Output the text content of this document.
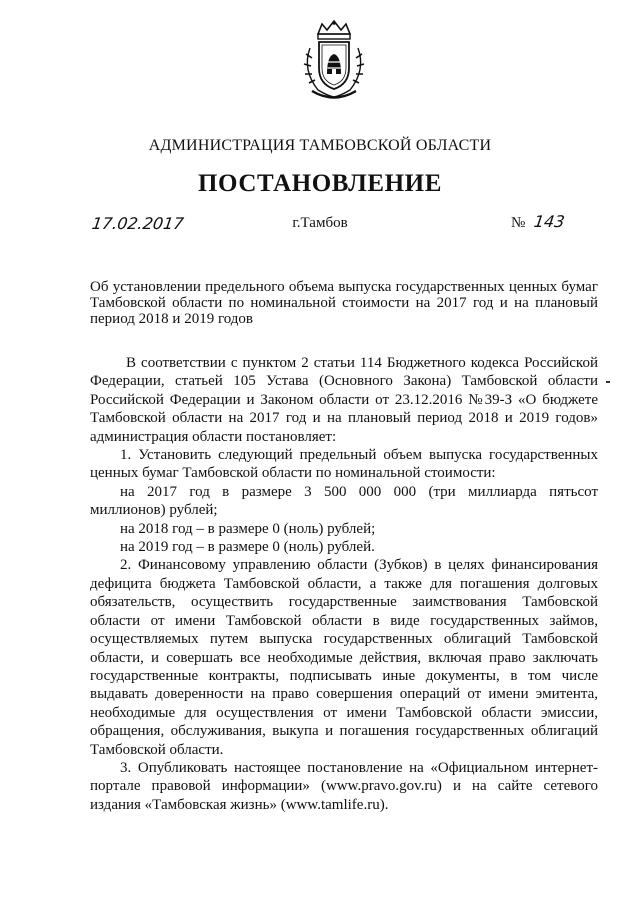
АДМИНИСТРАЦИЯ ТАМБОВСКОЙ ОБЛАСТИ
ПОСТАНОВЛЕНИЕ
17.02.2017	г.Тамбов	№ 143
Об установлении предельного объема выпуска государственных ценных бумаг Тамбовской области по номинальной стоимости на 2017 год и на плановый период 2018 и 2019 годов

В соответствии с пунктом 2 статьи 114 Бюджетного кодекса Российской Федерации, статьей 105 Устава (Основного Закона) Тамбовской области Российской Федерации и Законом области от 23.12.2016 №39-З «О бюджете Тамбовской области на 2017 год и на плановый период 2018 и 2019 годов» администрация области постановляет:

1. Установить следующий предельный объем выпуска государственных ценных бумаг Тамбовской области по номинальной стоимости:

на 2017 год в размере 3 500 000 000 (три миллиарда пятьсот

миллионов) рублей;

на 2018 год – в размере 0 (ноль) рублей;

на 2019 год – в размере 0 (ноль) рублей.

2. Финансовому управлению области (Зубков) в целях финансирования дефицита бюджета Тамбовской области, а также для погашения долговых обязательств, осуществить государственные заимствования Тамбовской области от имени Тамбовской области в виде государственных займов, осуществляемых путем выпуска государственных облигаций Тамбовской области, и совершать все необходимые действия, включая право заключать государственные контракты, подписывать иные документы, в том числе выдавать доверенности на право совершения операций от имени эмитента, необходимые для осуществления от имени Тамбовской области эмиссии, обращения, обслуживания, выкупа и погашения государственных облигаций Тамбовской области.

3. Опубликовать настоящее постановление на «Официальном интернет-портале правовой информации» (www.pravo.gov.ru) и на сайте сетевого издания «Тамбовская жизнь» (www.tamlife.ru).
